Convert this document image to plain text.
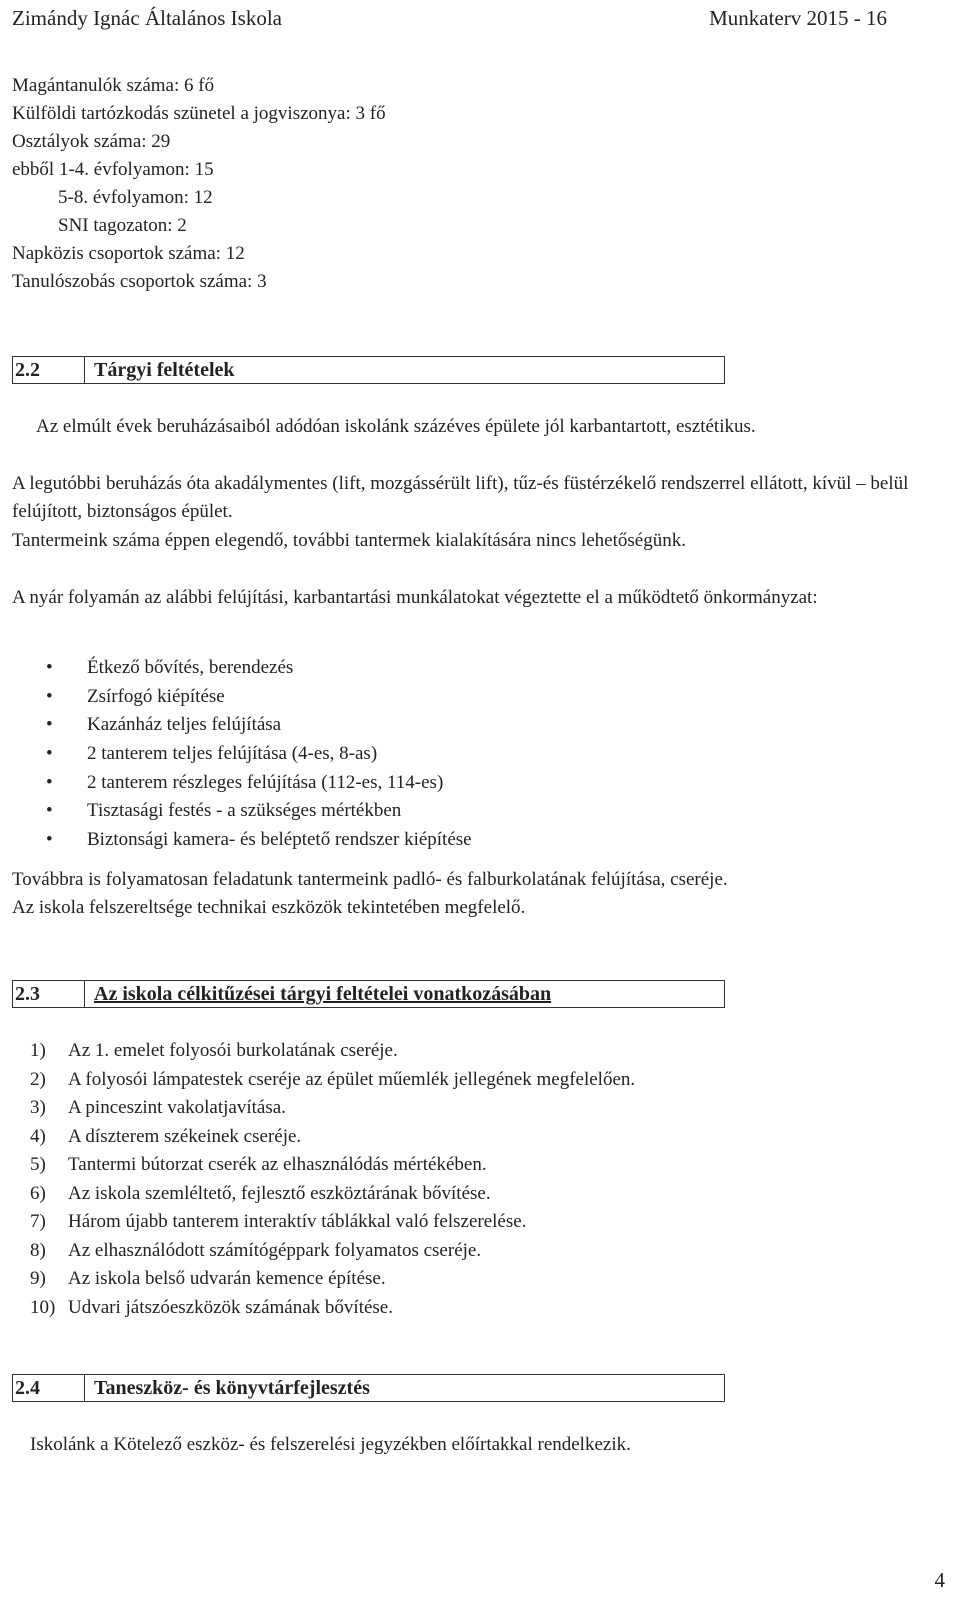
Zimándy Ignác Általános Iskola	Munkaterv 2015 - 16
Magántanulók száma: 6 fő
Külföldi tartózkodás szünetel a jogviszonya: 3 fő
Osztályok száma: 29
ebből 1-4. évfolyamon: 15
5-8. évfolyamon: 12
SNI tagozaton: 2
Napközis csoportok száma: 12
Tanulószobás csoportok száma: 3
2.2	Tárgyi feltételek

Az elmúlt évek beruházásaiból adódóan iskolánk százéves épülete jól karbantartott, esztétikus.

A legutóbbi beruházás óta akadálymentes (lift, mozgássérült lift), tűz-és füstérzékelő rendszerrel ellátott, kívül – belül felújított, biztonságos épület.

Tantermeink száma éppen elegendő, további tantermek kialakítására nincs lehetőségünk.

A nyár folyamán az alábbi felújítási, karbantartási munkálatokat végeztette el a működtető önkormányzat:

• Étkező bővítés, berendezés
• Zsírfogó kiépítése
• Kazánház teljes felújítása
• 2 tanterem teljes felújítása (4-es, 8-as)
• 2 tanterem részleges felújítása (112-es, 114-es)
• Tisztasági festés - a szükséges mértékben
• Biztonsági kamera- és beléptető rendszer kiépítése

Továbbra is folyamatosan feladatunk tantermeink padló- és falburkolatának felújítása, cseréje.

Az iskola felszereltsége technikai eszközök tekintetében megfelelő.

2.3	Az iskola célkitűzései tárgyi feltételei vonatkozásában
1) Az 1. emelet folyosói burkolatának cseréje.
2) A folyosói lámpatestek cseréje az épület műemlék jellegének megfelelően.
3) A pinceszint vakolatjavítása.
4) A díszterem székeinek cseréje.
5) Tantermi bútorzat cserék az elhasználódás mértékében.
6) Az iskola szemléltető, fejlesztő eszköztárának bővítése.
7) Három újabb tanterem interaktív táblákkal való felszerelése.
8) Az elhasználódott számítógéppark folyamatos cseréje.
9) Az iskola belső udvarán kemence építése.
10) Udvari játszóeszközök számának bővítése.
2.4	Taneszköz- és könyvtárfejlesztés

Iskolánk a Kötelező eszköz- és felszerelési jegyzékben előírtakkal rendelkezik.

4
